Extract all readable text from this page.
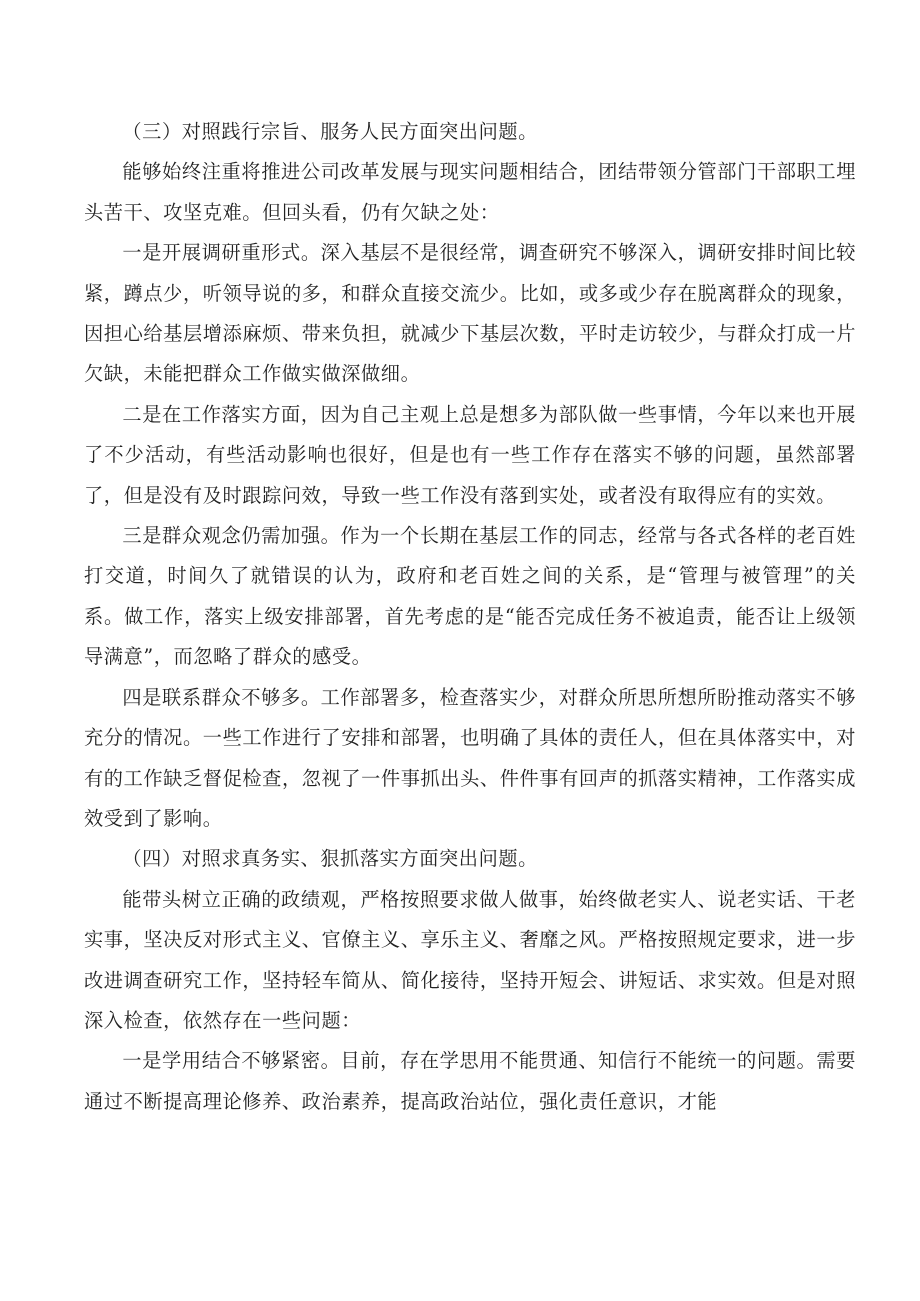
（三）对照践行宗旨、服务人民方面突出问题。

能够始终注重将推进公司改革发展与现实问题相结合，团结带领分管部门干部职工埋头苦干、攻坚克难。但回头看，仍有欠缺之处：

一是开展调研重形式。深入基层不是很经常，调查研究不够深入，调研安排时间比较紧，蹲点少，听领导说的多，和群众直接交流少。比如，或多或少存在脱离群众的现象，因担心给基层增添麻烦、带来负担，就减少下基层次数，平时走访较少，与群众打成一片欠缺，未能把群众工作做实做深做细。

二是在工作落实方面，因为自己主观上总是想多为部队做一些事情，今年以来也开展了不少活动，有些活动影响也很好，但是也有一些工作存在落实不够的问题，虽然部署了，但是没有及时跟踪问效，导致一些工作没有落到实处，或者没有取得应有的实效。

三是群众观念仍需加强。作为一个长期在基层工作的同志，经常与各式各样的老百姓打交道，时间久了就错误的认为，政府和老百姓之间的关系，是“管理与被管理”的关系。做工作，落实上级安排部署，首先考虑的是“能否完成任务不被追责，能否让上级领导满意”，而忽略了群众的感受。

四是联系群众不够多。工作部署多，检查落实少，对群众所思所想所盼推动落实不够充分的情况。一些工作进行了安排和部署，也明确了具体的责任人，但在具体落实中，对有的工作缺乏督促检查，忽视了一件事抓出头、件件事有回声的抓落实精神，工作落实成效受到了影响。

（四）对照求真务实、狠抓落实方面突出问题。

能带头树立正确的政绩观，严格按照要求做人做事，始终做老实人、说老实话、干老实事，坚决反对形式主义、官僚主义、享乐主义、奢靡之风。严格按照规定要求，进一步改进调查研究工作，坚持轻车简从、简化接待，坚持开短会、讲短话、求实效。但是对照深入检查，依然存在一些问题：

一是学用结合不够紧密。目前，存在学思用不能贯通、知信行不能统一的问题。需要通过不断提高理论修养、政治素养，提高政治站位，强化责任意识，才能
